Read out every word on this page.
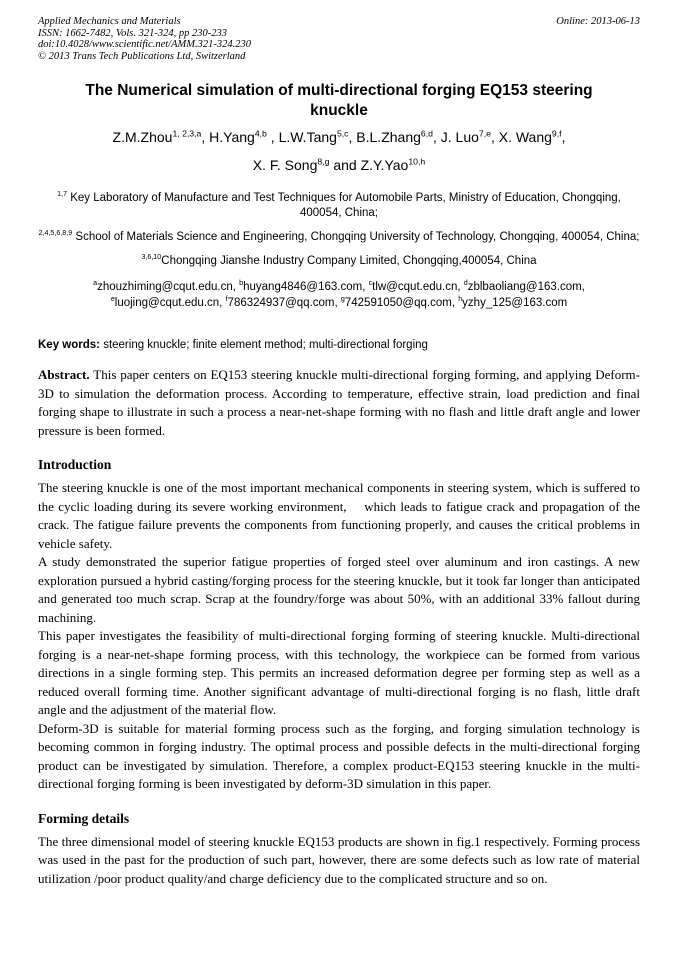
Applied Mechanics and Materials
ISSN: 1662-7482, Vols. 321-324, pp 230-233
doi:10.4028/www.scientific.net/AMM.321-324.230
© 2013 Trans Tech Publications Ltd, Switzerland
Online: 2013-06-13
The Numerical simulation of multi-directional forging EQ153 steering knuckle
Z.M.Zhou$^{1, 2,3,a}$, H.Yang$^{4,b}$ , L.W.Tang$^{5,c}$, B.L.Zhang$^{6,d}$, J. Luo$^{7,e}$, X. Wang$^{9,f}$,
X. F. Song$^{8,g}$ and Z.Y.Yao$^{10,h}$
$^{1,7}$ Key Laboratory of Manufacture and Test Techniques for Automobile Parts, Ministry of Education, Chongqing, 400054, China;
$^{2,4,5,6,8,9}$ School of Materials Science and Engineering, Chongqing University of Technology, Chongqing, 400054, China;
$^{3,6,10}$Chongqing Jianshe Industry Company Limited, Chongqing,400054, China
$^a$zhouzhiming@cqut.edu.cn, $^b$huyang4846@163.com, $^c$tlw@cqut.edu.cn, $^d$zblbaoliang@163.com,
$^e$luojing@cqut.edu.cn, $^f$786324937@qq.com, $^g$742591050@qq.com, $^h$yzhy_125@163.com
Key words: steering knuckle; finite element method; multi-directional forging

Abstract. This paper centers on EQ153 steering knuckle multi-directional forging forming, and applying Deform-3D to simulation the deformation process. According to temperature, effective strain, load prediction and final forging shape to illustrate in such a process a near-net-shape forming with no flash and little draft angle and lower pressure is been formed.

Introduction

The steering knuckle is one of the most important mechanical components in steering system, which is suffered to the cyclic loading during its severe working environment,    which leads to fatigue crack and propagation of the crack. The fatigue failure prevents the components from functioning properly, and causes the critical problems in vehicle safety.

A study demonstrated the superior fatigue properties of forged steel over aluminum and iron castings. A new exploration pursued a hybrid casting/forging process for the steering knuckle, but it took far longer than anticipated and generated too much scrap. Scrap at the foundry/forge was about 50%, with an additional 33% fallout during machining.

This paper investigates the feasibility of multi-directional forging forming of steering knuckle. Multi-directional forging is a near-net-shape forming process, with this technology, the workpiece can be formed from various directions in a single forming step. This permits an increased deformation degree per forming step as well as a reduced overall forming time. Another significant advantage of multi-directional forging is no flash, little draft angle and the adjustment of the material flow.

Deform-3D is suitable for material forming process such as the forging, and forging simulation technology is becoming common in forging industry. The optimal process and possible defects in the multi-directional forging product can be investigated by simulation. Therefore, a complex product-EQ153 steering knuckle in the multi-directional forging forming is been investigated by deform-3D simulation in this paper.

Forming details

The three dimensional model of steering knuckle EQ153 products are shown in fig.1 respectively. Forming process was used in the past for the production of such part, however, there are some defects such as low rate of material utilization /poor product quality/and charge deficiency due to the complicated structure and so on.
